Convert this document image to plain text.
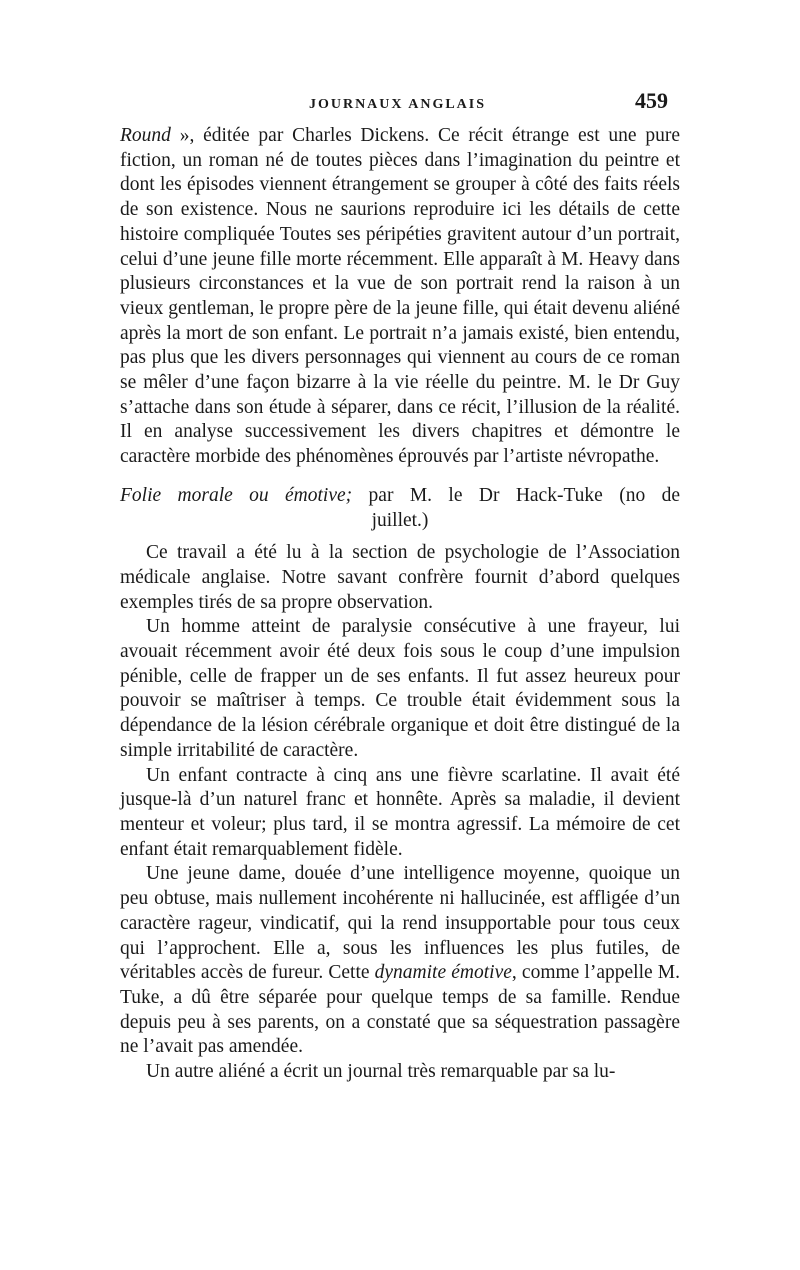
JOURNAUX ANGLAIS	459

Round », éditée par Charles Dickens. Ce récit étrange est une pure fiction, un roman né de toutes pièces dans l’imagination du peintre et dont les épisodes viennent étrangement se grouper à côté des faits réels de son existence. Nous ne saurions reproduire ici les détails de cette histoire compliquée Toutes ses péripéties gravitent autour d’un portrait, celui d’une jeune fille morte récemment. Elle apparaît à M. Heavy dans plusieurs circonstances et la vue de son portrait rend la raison à un vieux gentleman, le propre père de la jeune fille, qui était devenu aliéné après la mort de son enfant. Le portrait n’a jamais existé, bien entendu, pas plus que les divers personnages qui viennent au cours de ce roman se mêler d’une façon bizarre à la vie réelle du peintre. M. le Dr Guy s’attache dans son étude à séparer, dans ce récit, l’illusion de la réalité. Il en analyse successivement les divers chapitres et démontre le caractère morbide des phénomènes éprouvés par l’artiste névropathe.

Folie morale ou émotive; par M. le Dr Hack-Tuke (no de
juillet.)

Ce travail a été lu à la section de psychologie de l’Association médicale anglaise. Notre savant confrère fournit d’abord quelques exemples tirés de sa propre observation.

Un homme atteint de paralysie consécutive à une frayeur, lui avouait récemment avoir été deux fois sous le coup d’une impulsion pénible, celle de frapper un de ses enfants. Il fut assez heureux pour pouvoir se maîtriser à temps. Ce trouble était évidemment sous la dépendance de la lésion cérébrale organique et doit être distingué de la simple irritabilité de caractère.

Un enfant contracte à cinq ans une fièvre scarlatine. Il avait été jusque-là d’un naturel franc et honnête. Après sa maladie, il devient menteur et voleur; plus tard, il se montra agressif. La mémoire de cet enfant était remarquablement fidèle.

Une jeune dame, douée d’une intelligence moyenne, quoique un peu obtuse, mais nullement incohérente ni hallucinée, est affligée d’un caractère rageur, vindicatif, qui la rend insupportable pour tous ceux qui l’approchent. Elle a, sous les influences les plus futiles, de véritables accès de fureur. Cette dynamite émotive, comme l’appelle M. Tuke, a dû être séparée pour quelque temps de sa famille. Rendue depuis peu à ses parents, on a constaté que sa séquestration passagère ne l’avait pas amendée.

Un autre aliéné a écrit un journal très remarquable par sa lu-
